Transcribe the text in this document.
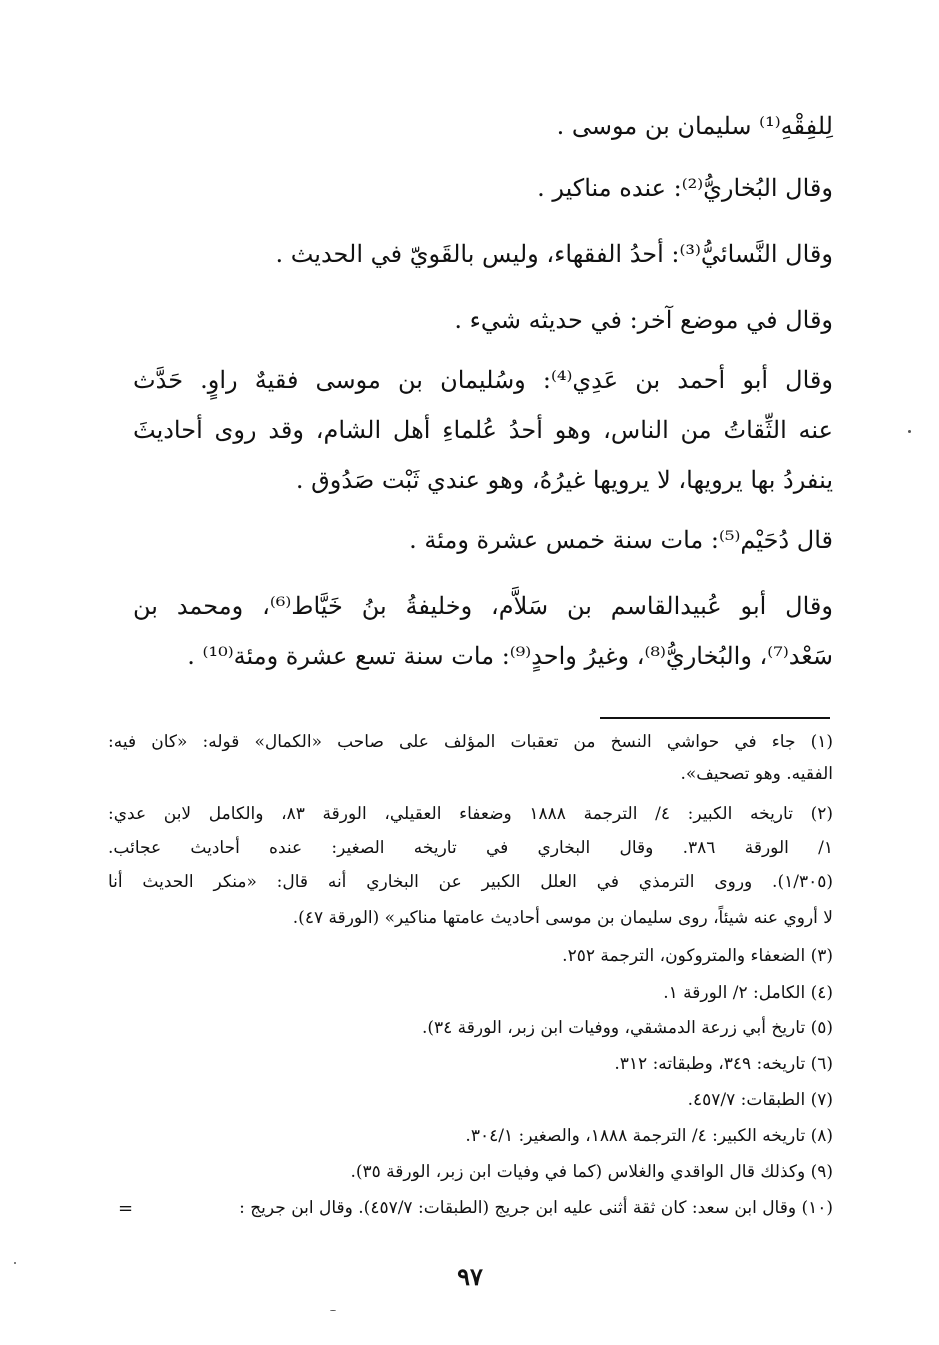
لِلفِقْهِ⁽¹⁾ سليمان بن موسى .
وقال البُخاريُّ⁽²⁾: عنده مناكير .
وقال النَّسائيُّ⁽³⁾: أحدُ الفقهاء، وليس بالقَويّ في الحديث .
وقال في موضع آخر: في حديثه شيء .
وقال أبو أحمد بن عَدِي⁽⁴⁾: وسُليمان بن موسى فقيهٌ راوٍ. حَدَّث
عنه الثِّقاتُ من الناس، وهو أحدُ عُلماءِ أهل الشام، وقد روى أحاديثَ
ينفردُ بها يرويها، لا يرويها غيرُهُ، وهو عندي ثَبْت صَدُوق .
قال دُحَيْم⁽⁵⁾: مات سنة خمس عشرة ومئة .
وقال أبو عُبيدالقاسم بن سَلاَّم، وخليفةُ بنُ خَيَّاط⁽⁶⁾، ومحمد بن
سَعْد⁽⁷⁾، والبُخاريُّ⁽⁸⁾، وغيرُ واحدٍ⁽⁹⁾: مات سنة تسع عشرة ومئة⁽¹⁰⁾ .
(١) جاء في حواشي النسخ من تعقبات المؤلف على صاحب «الكمال» قوله: «كان فيه:
الفقيه. وهو تصحيف».
(٢) تاريخه الكبير: ٤/ الترجمة ١٨٨٨ وضعفاء العقيلي، الورقة ٨٣، والكامل لابن عدي:
١/ الورقة ٣٨٦. وقال البخاري في تاريخه الصغير: عنده أحاديث عجائب.
(١/٣٠٥). وروى الترمذي في العلل الكبير عن البخاري أنه قال: «منكر الحديث أنا
لا أروي عنه شيئاً، روى سليمان بن موسى أحاديث عامتها مناكير» (الورقة ٤٧).
(٣) الضعفاء والمتروكون، الترجمة ٢٥٢.
(٤) الكامل: ٢/ الورقة ١.
(٥) تاريخ أبي زرعة الدمشقي، ووفيات ابن زبر، الورقة ٣٤).
(٦) تاريخه: ٣٤٩، وطبقاته: ٣١٢.
(٧) الطبقات: ٤٥٧/٧.
(٨) تاريخه الكبير: ٤/ الترجمة ١٨٨٨، والصغير: ٣٠٤/١.
(٩) وكذلك قال الواقدي والغلاس (كما في وفيات ابن زبر، الورقة ٣٥).
(١٠) وقال ابن سعد: كان ثقة أثنى عليه ابن جريج (الطبقات: ٤٥٧/٧). وقال ابن جريج :
=
٩٧
